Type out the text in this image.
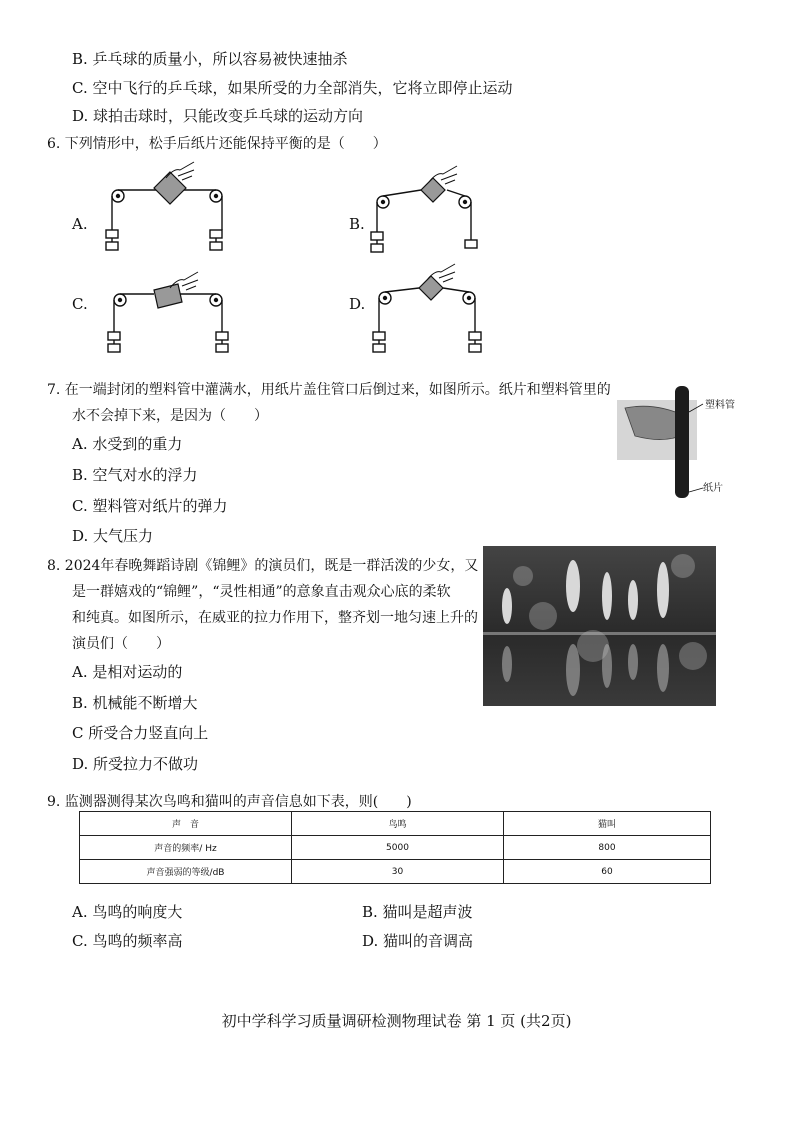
B. 乒乓球的质量小，所以容易被快速抽杀
C. 空中飞行的乒乓球，如果所受的力全部消失，它将立即停止运动
D. 球拍击球时，只能改变乒乓球的运动方向
6. 下列情形中，松手后纸片还能保持平衡的是（　　）
A.	B.
C.	D.
7. 在一端封闭的塑料管中灌满水，用纸片盖住管口后倒过来，如图所示。纸片和塑料管里的
水不会掉下来，是因为（　　）
A. 水受到的重力
B. 空气对水的浮力
C. 塑料管对纸片的弹力
D. 大气压力
塑料管
纸片
8. 2024年春晚舞蹈诗剧《锦鲤》的演员们，既是一群活泼的少女，又
是一群嬉戏的“锦鲤”，“灵性相通”的意象直击观众心底的柔软
和纯真。如图所示，在威亚的拉力作用下，整齐划一地匀速上升的
演员们（　　）
A. 是相对运动的
B. 机械能不断增大
C 所受合力竖直向上
D. 所受拉力不做功
9. 监测器测得某次鸟鸣和猫叫的声音信息如下表，则(　　)
声　音	鸟鸣	猫叫
声音的频率/ Hz	5000	800
声音强弱的等级/dB	30	60
A. 鸟鸣的响度大	B. 猫叫是超声波
C. 鸟鸣的频率高	D. 猫叫的音调高
初中学科学习质量调研检测物理试卷 第 1 页 (共2页)
